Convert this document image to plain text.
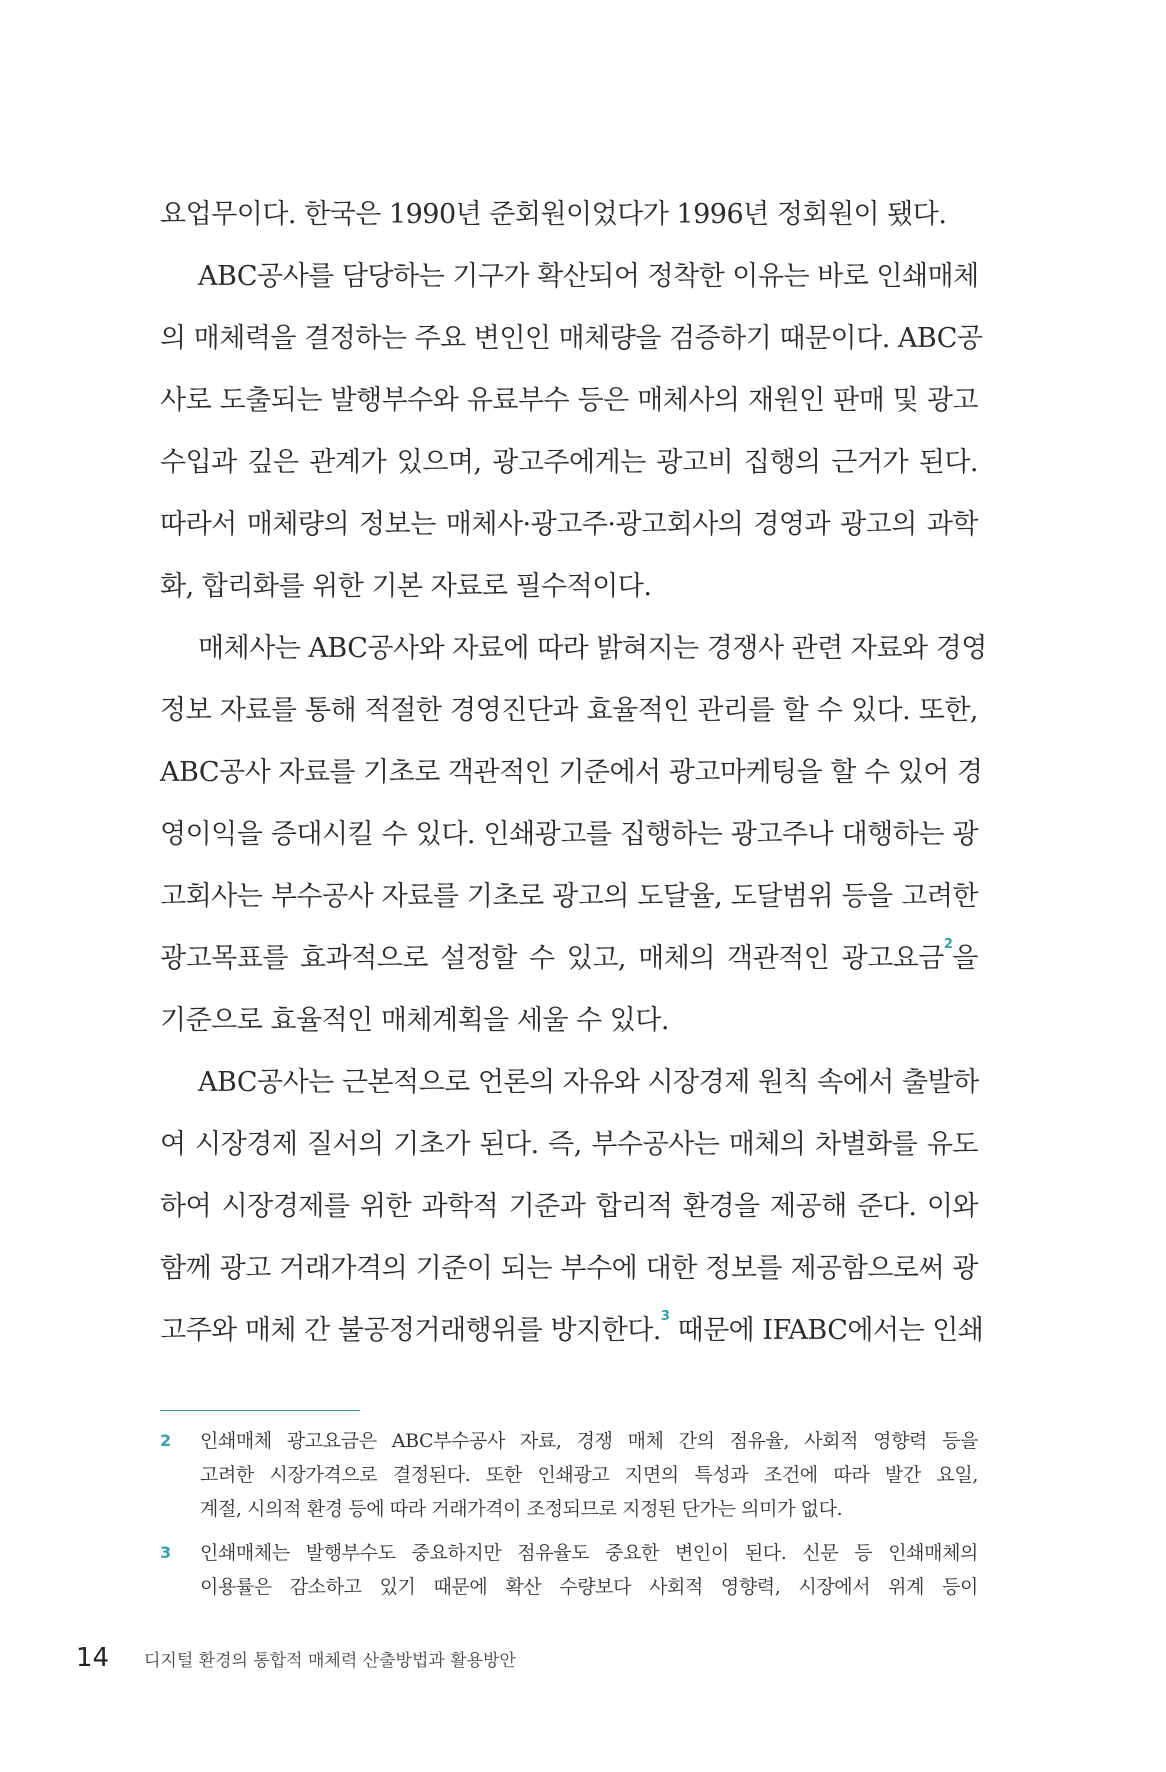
요업무이다. 한국은 1990년 준회원이었다가 1996년 정회원이 됐다.
ABC공사를 담당하는 기구가 확산되어 정착한 이유는 바로 인쇄매체
의 매체력을 결정하는 주요 변인인 매체량을 검증하기 때문이다. ABC공
사로 도출되는 발행부수와 유료부수 등은 매체사의 재원인 판매 및 광고
수입과 깊은 관계가 있으며, 광고주에게는 광고비 집행의 근거가 된다.
따라서 매체량의 정보는 매체사·광고주·광고회사의 경영과 광고의 과학
화, 합리화를 위한 기본 자료로 필수적이다.
매체사는 ABC공사와 자료에 따라 밝혀지는 경쟁사 관련 자료와 경영
정보 자료를 통해 적절한 경영진단과 효율적인 관리를 할 수 있다. 또한,
ABC공사 자료를 기초로 객관적인 기준에서 광고마케팅을 할 수 있어 경
영이익을 증대시킬 수 있다. 인쇄광고를 집행하는 광고주나 대행하는 광
고회사는 부수공사 자료를 기초로 광고의 도달율, 도달범위 등을 고려한
광고목표를 효과적으로 설정할 수 있고, 매체의 객관적인 광고요금$^2$을
기준으로 효율적인 매체계획을 세울 수 있다.
ABC공사는 근본적으로 언론의 자유와 시장경제 원칙 속에서 출발하
여 시장경제 질서의 기초가 된다. 즉, 부수공사는 매체의 차별화를 유도
하여 시장경제를 위한 과학적 기준과 합리적 환경을 제공해 준다. 이와
함께 광고 거래가격의 기준이 되는 부수에 대한 정보를 제공함으로써 광
고주와 매체 간 불공정거래행위를 방지한다.$^3$ 때문에 IFABC에서는 인쇄
2 인쇄매체 광고요금은 ABC부수공사 자료, 경쟁 매체 간의 점유율, 사회적 영향력 등을
고려한 시장가격으로 결정된다. 또한 인쇄광고 지면의 특성과 조건에 따라 발간 요일,
계절, 시의적 환경 등에 따라 거래가격이 조정되므로 지정된 단가는 의미가 없다.
3 인쇄매체는 발행부수도 중요하지만 점유율도 중요한 변인이 된다. 신문 등 인쇄매체의
이용률은 감소하고 있기 때문에 확산 수량보다 사회적 영향력, 시장에서 위계 등이
14	디지털 환경의 통합적 매체력 산출방법과 활용방안
